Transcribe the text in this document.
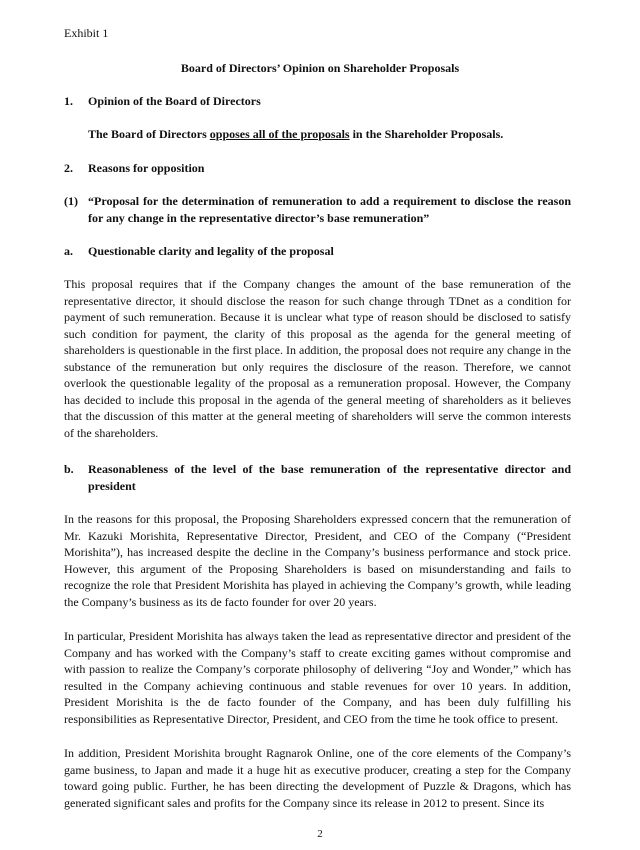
Exhibit 1
Board of Directors’ Opinion on Shareholder Proposals
1. Opinion of the Board of Directors
The Board of Directors opposes all of the proposals in the Shareholder Proposals.
2. Reasons for opposition
(1) “Proposal for the determination of remuneration to add a requirement to disclose the reason for any change in the representative director’s base remuneration”
a. Questionable clarity and legality of the proposal
This proposal requires that if the Company changes the amount of the base remuneration of the representative director, it should disclose the reason for such change through TDnet as a condition for payment of such remuneration. Because it is unclear what type of reason should be disclosed to satisfy such condition for payment, the clarity of this proposal as the agenda for the general meeting of shareholders is questionable in the first place. In addition, the proposal does not require any change in the substance of the remuneration but only requires the disclosure of the reason. Therefore, we cannot overlook the questionable legality of the proposal as a remuneration proposal. However, the Company has decided to include this proposal in the agenda of the general meeting of shareholders as it believes that the discussion of this matter at the general meeting of shareholders will serve the common interests of the shareholders.
b. Reasonableness of the level of the base remuneration of the representative director and president
In the reasons for this proposal, the Proposing Shareholders expressed concern that the remuneration of Mr. Kazuki Morishita, Representative Director, President, and CEO of the Company (“President Morishita”), has increased despite the decline in the Company’s business performance and stock price. However, this argument of the Proposing Shareholders is based on misunderstanding and fails to recognize the role that President Morishita has played in achieving the Company’s growth, while leading the Company’s business as its de facto founder for over 20 years.
In particular, President Morishita has always taken the lead as representative director and president of the Company and has worked with the Company’s staff to create exciting games without compromise and with passion to realize the Company’s corporate philosophy of delivering “Joy and Wonder,” which has resulted in the Company achieving continuous and stable revenues for over 10 years. In addition, President Morishita is the de facto founder of the Company, and has been duly fulfilling his responsibilities as Representative Director, President, and CEO from the time he took office to present.
In addition, President Morishita brought Ragnarok Online, one of the core elements of the Company’s game business, to Japan and made it a huge hit as executive producer, creating a step for the Company toward going public. Further, he has been directing the development of Puzzle & Dragons, which has generated significant sales and profits for the Company since its release in 2012 to present. Since its
2
